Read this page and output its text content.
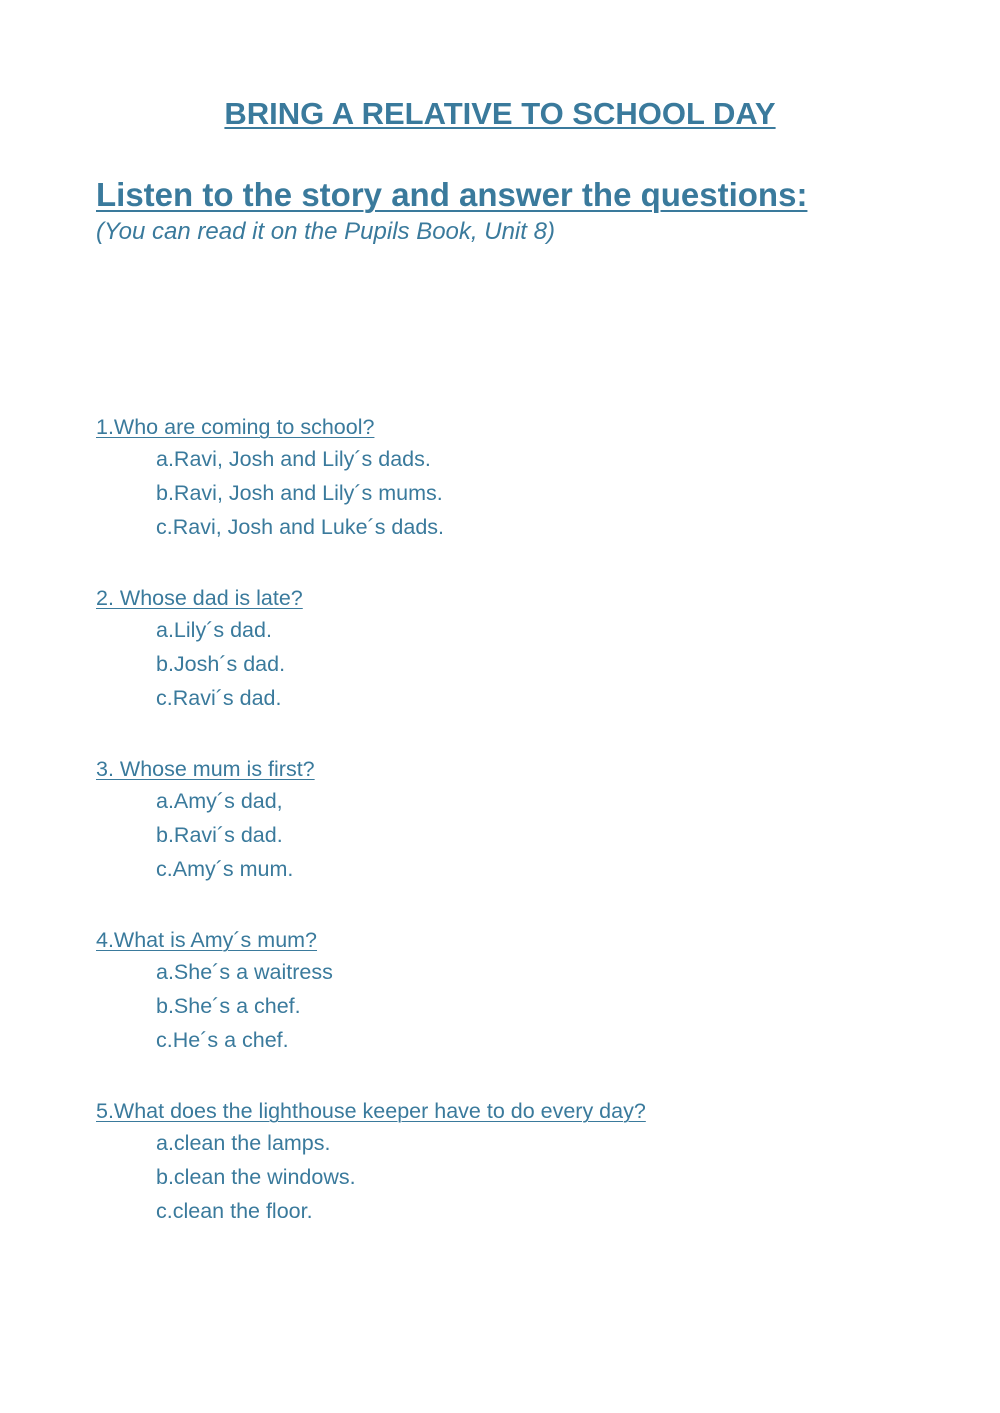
BRING A RELATIVE TO SCHOOL DAY
Listen to the story and answer the questions:

(You can read it on the Pupils Book, Unit 8)

1.Who are coming to school?
a.Ravi, Josh and Lily´s dads.
b.Ravi, Josh and Lily´s mums.
c.Ravi, Josh and Luke´s dads.
2. Whose dad is late?
a.Lily´s dad.
b.Josh´s dad.
c.Ravi´s dad.
3. Whose mum is first?
a.Amy´s dad,
b.Ravi´s dad.
c.Amy´s mum.
4.What is Amy´s mum?
a.She´s a waitress
b.She´s a chef.
c.He´s a chef.
5.What does the lighthouse keeper have to do every day?
a.clean the lamps.
b.clean the windows.
c.clean the floor.
